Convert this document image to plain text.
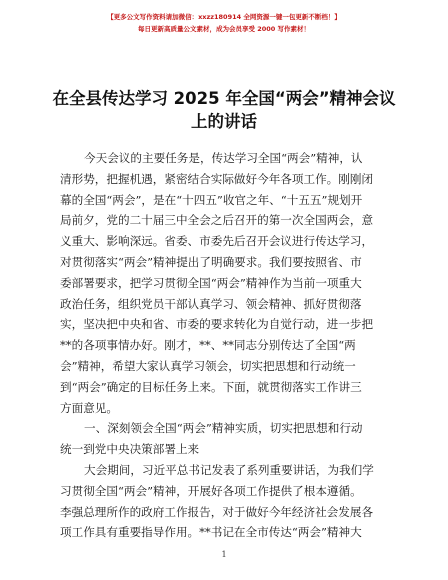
【更多公文写作资料请加微信：xxzz180914 全网资源一键一包更新不断档！】
每日更新高质量公文素材，成为会员享受 2000 写作素材！
在全县传达学习 2025 年全国“两会”精神会议
上的讲话
今天会议的主要任务是，传达学习全国“两会”精神，认
清形势，把握机遇，紧密结合实际做好今年各项工作。刚刚闭
幕的全国“两会”，是在“十四五”收官之年、“十五五”规划开
局前夕，党的二十届三中全会之后召开的第一次全国两会，意
义重大、影响深远。省委、市委先后召开会议进行传达学习，
对贯彻落实“两会”精神提出了明确要求。我们要按照省、市
委部署要求，把学习贯彻全国“两会”精神作为当前一项重大
政治任务，组织党员干部认真学习、领会精神、抓好贯彻落
实，坚决把中央和省、市委的要求转化为自觉行动，进一步把
**的各项事情办好。刚才，**、**同志分别传达了全国“两
会”精神，希望大家认真学习领会，切实把思想和行动统一
到“两会”确定的目标任务上来。下面，就贯彻落实工作讲三
方面意见。
一、深刻领会全国“两会”精神实质，切实把思想和行动
统一到党中央决策部署上来
大会期间，习近平总书记发表了系列重要讲话，为我们学
习贯彻全国“两会”精神，开展好各项工作提供了根本遵循。
李强总理所作的政府工作报告，对于做好今年经济社会发展各
项工作具有重要指导作用。**书记在全市传达“两会”精神大
1
